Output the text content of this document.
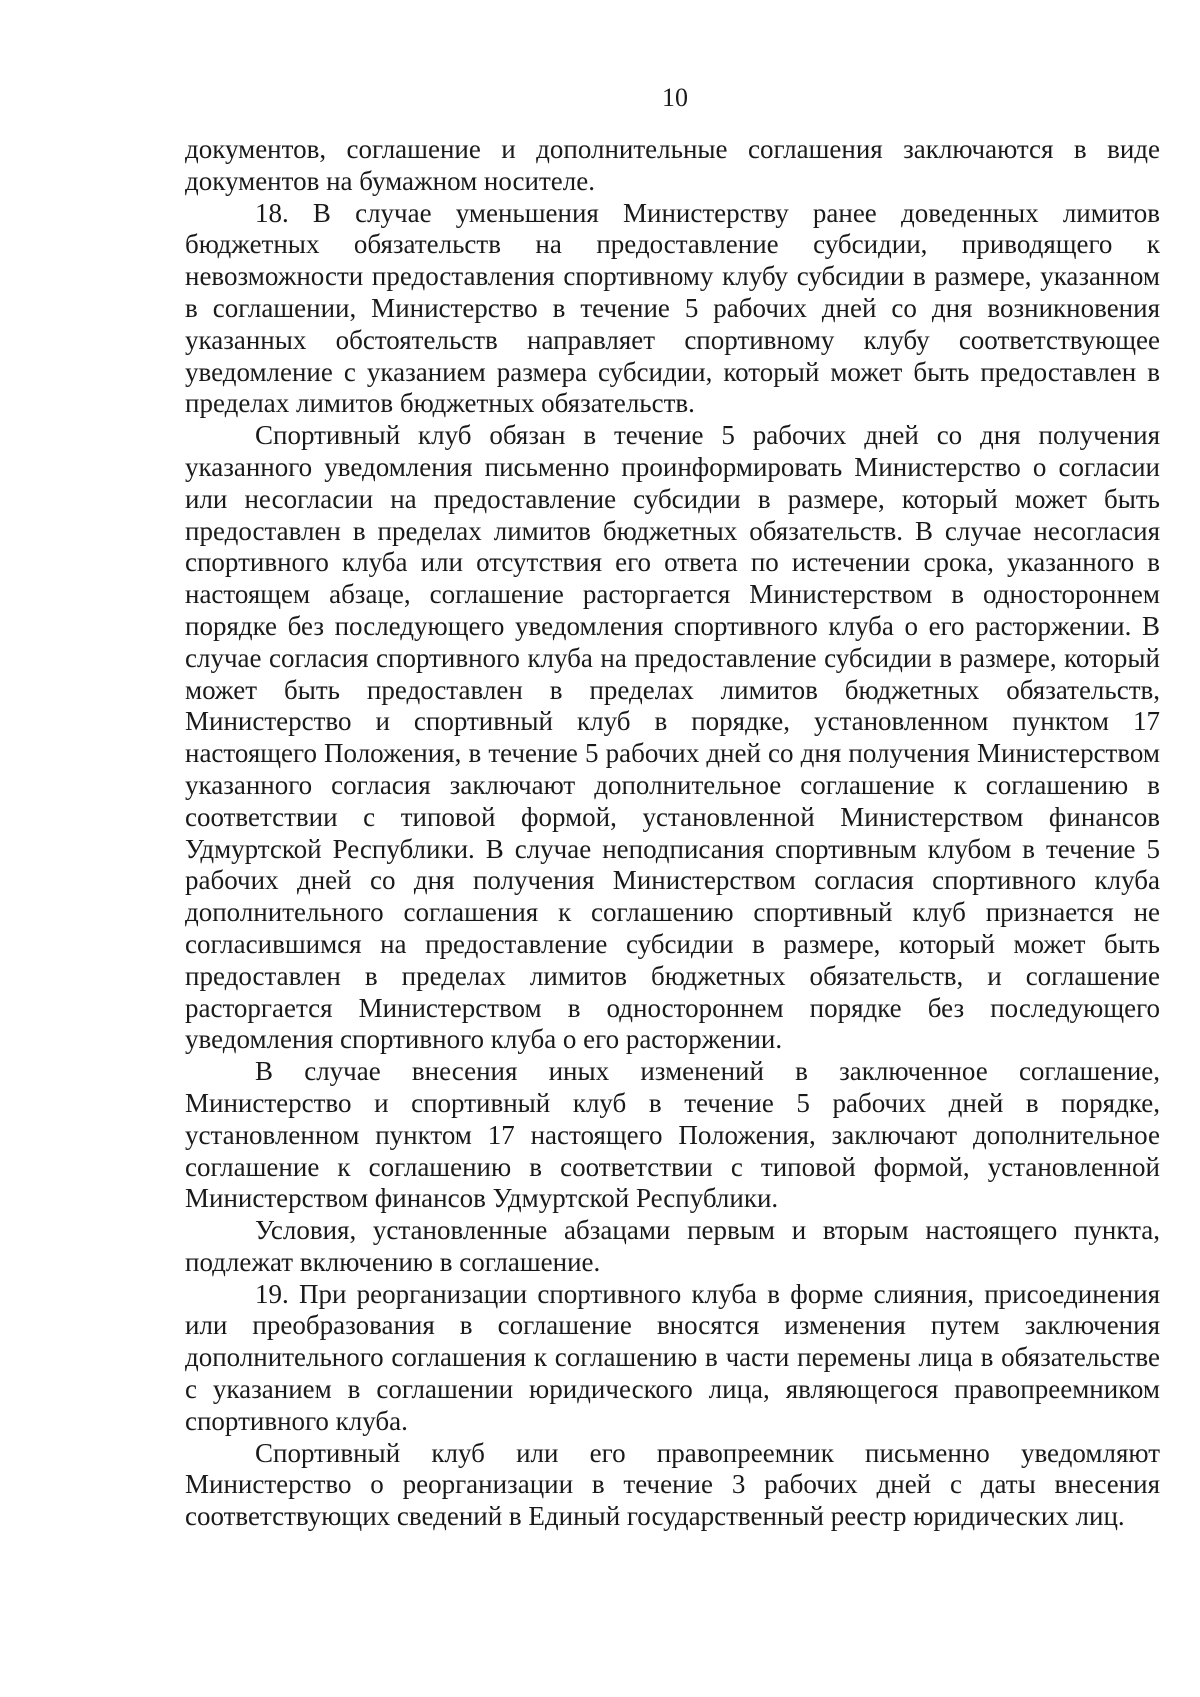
10

документов, соглашение и дополнительные соглашения заключаются в виде документов на бумажном носителе.

18. В случае уменьшения Министерству ранее доведенных лимитов бюджетных обязательств на предоставление субсидии, приводящего к невозможности предоставления спортивному клубу субсидии в размере, указанном в соглашении, Министерство в течение 5 рабочих дней со дня возникновения указанных обстоятельств направляет спортивному клубу соответствующее уведомление с указанием размера субсидии, который может быть предоставлен в пределах лимитов бюджетных обязательств.

Спортивный клуб обязан в течение 5 рабочих дней со дня получения указанного уведомления письменно проинформировать Министерство о согласии или несогласии на предоставление субсидии в размере, который может быть предоставлен в пределах лимитов бюджетных обязательств. В случае несогласия спортивного клуба или отсутствия его ответа по истечении срока, указанного в настоящем абзаце, соглашение расторгается Министерством в одностороннем порядке без последующего уведомления спортивного клуба о его расторжении. В случае согласия спортивного клуба на предоставление субсидии в размере, который может быть предоставлен в пределах лимитов бюджетных обязательств, Министерство и спортивный клуб в порядке, установленном пунктом 17 настоящего Положения, в течение 5 рабочих дней со дня получения Министерством указанного согласия заключают дополнительное соглашение к соглашению в соответствии с типовой формой, установленной Министерством финансов Удмуртской Республики. В случае неподписания спортивным клубом в течение 5 рабочих дней со дня получения Министерством согласия спортивного клуба дополнительного соглашения к соглашению спортивный клуб признается не согласившимся на предоставление субсидии в размере, который может быть предоставлен в пределах лимитов бюджетных обязательств, и соглашение расторгается Министерством в одностороннем порядке без последующего уведомления спортивного клуба о его расторжении.

В случае внесения иных изменений в заключенное соглашение, Министерство и спортивный клуб в течение 5 рабочих дней в порядке, установленном пунктом 17 настоящего Положения, заключают дополнительное соглашение к соглашению в соответствии с типовой формой, установленной Министерством финансов Удмуртской Республики.

Условия, установленные абзацами первым и вторым настоящего пункта, подлежат включению в соглашение.

19. При реорганизации спортивного клуба в форме слияния, присоединения или преобразования в соглашение вносятся изменения путем заключения дополнительного соглашения к соглашению в части перемены лица в обязательстве с указанием в соглашении юридического лица, являющегося правопреемником спортивного клуба.

Спортивный клуб или его правопреемник письменно уведомляют Министерство о реорганизации в течение 3 рабочих дней с даты внесения соответствующих сведений в Единый государственный реестр юридических лиц.
